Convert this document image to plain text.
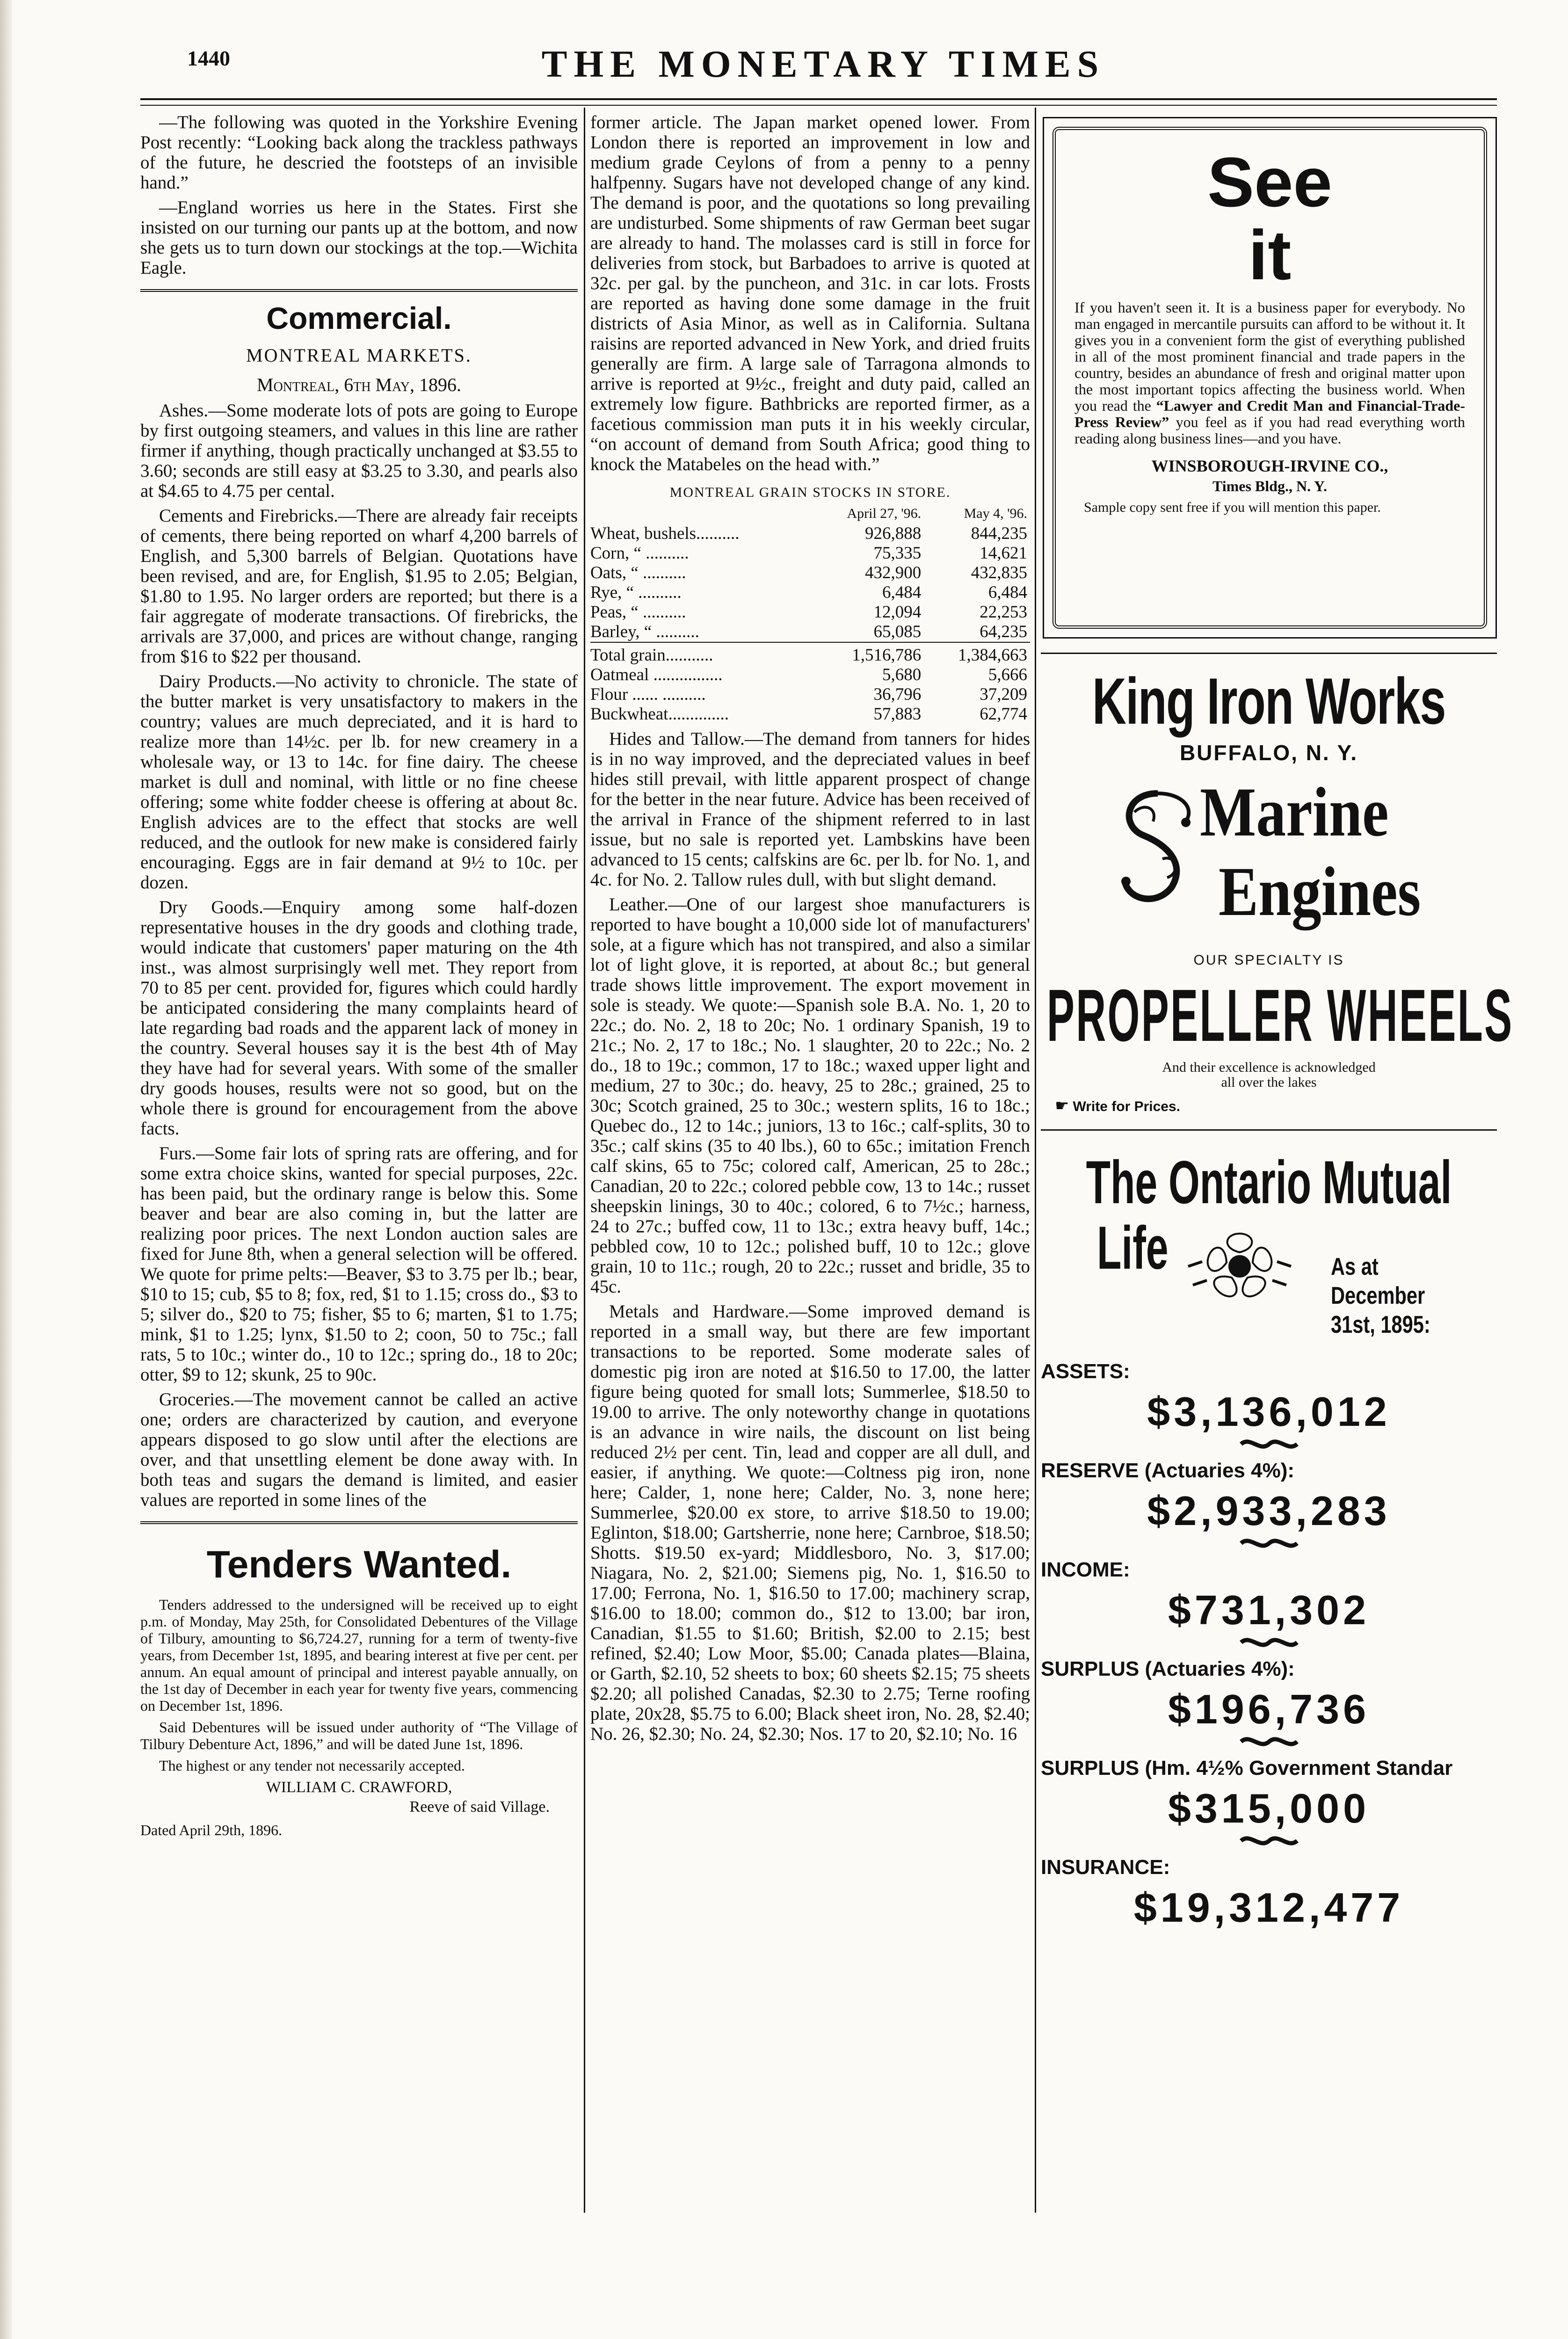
1440	THE MONETARY TIMES

—The following was quoted in the Yorkshire Evening Post recently: “Looking back along the trackless pathways of the future, he descried the footsteps of an invisible hand.”

—England worries us here in the States. First she insisted on our turning our pants up at the bottom, and now she gets us to turn down our stockings at the top.—Wichita Eagle.

Commercial.
MONTREAL MARKETS.
Montreal, 6th May, 1896.

Ashes.—Some moderate lots of pots are going to Europe by first outgoing steamers, and values in this line are rather firmer if anything, though practically unchanged at $3.55 to 3.60; seconds are still easy at $3.25 to 3.30, and pearls also at $4.65 to 4.75 per cental.

Cements and Firebricks.—There are already fair receipts of cements, there being reported on wharf 4,200 barrels of English, and 5,300 barrels of Belgian. Quotations have been revised, and are, for English, $1.95 to 2.05; Belgian, $1.80 to 1.95. No larger orders are reported; but there is a fair aggregate of moderate transactions. Of firebricks, the arrivals are 37,000, and prices are without change, ranging from $16 to $22 per thousand.

Dairy Products.—No activity to chronicle. The state of the butter market is very unsatisfactory to makers in the country; values are much depreciated, and it is hard to realize more than 14½c. per lb. for new creamery in a wholesale way, or 13 to 14c. for fine dairy. The cheese market is dull and nominal, with little or no fine cheese offering; some white fodder cheese is offering at about 8c. English advices are to the effect that stocks are well reduced, and the outlook for new make is considered fairly encouraging. Eggs are in fair demand at 9½ to 10c. per dozen.

Dry Goods.—Enquiry among some half-dozen representative houses in the dry goods and clothing trade, would indicate that customers' paper maturing on the 4th inst., was almost surprisingly well met. They report from 70 to 85 per cent. provided for, figures which could hardly be anticipated considering the many complaints heard of late regarding bad roads and the apparent lack of money in the country. Several houses say it is the best 4th of May they have had for several years. With some of the smaller dry goods houses, results were not so good, but on the whole there is ground for encouragement from the above facts.

Furs.—Some fair lots of spring rats are offering, and for some extra choice skins, wanted for special purposes, 22c. has been paid, but the ordinary range is below this. Some beaver and bear are also coming in, but the latter are realizing poor prices. The next London auction sales are fixed for June 8th, when a general selection will be offered. We quote for prime pelts:—Beaver, $3 to 3.75 per lb.; bear, $10 to 15; cub, $5 to 8; fox, red, $1 to 1.15; cross do., $3 to 5; silver do., $20 to 75; fisher, $5 to 6; marten, $1 to 1.75; mink, $1 to 1.25; lynx, $1.50 to 2; coon, 50 to 75c.; fall rats, 5 to 10c.; winter do., 10 to 12c.; spring do., 18 to 20c; otter, $9 to 12; skunk, 25 to 90c.

Groceries.—The movement cannot be called an active one; orders are characterized by caution, and everyone appears disposed to go slow until after the elections are over, and that unsettling element be done away with. In both teas and sugars the demand is limited, and easier values are reported in some lines of the

Tenders Wanted.

Tenders addressed to the undersigned will be received up to eight p.m. of Monday, May 25th, for Consolidated Debentures of the Village of Tilbury, amounting to $6,724.27, running for a term of twenty-five years, from December 1st, 1895, and bearing interest at five per cent. per annum. An equal amount of principal and interest payable annually, on the 1st day of December in each year for twenty five years, commencing on December 1st, 1896.

Said Debentures will be issued under authority of “The Village of Tilbury Debenture Act, 1896,” and will be dated June 1st, 1896.

The highest or any tender not necessarily accepted.

WILLIAM C. CRAWFORD,
Reeve of said Village.
Dated April 29th, 1896.

former article. The Japan market opened lower. From London there is reported an improvement in low and medium grade Ceylons of from a penny to a penny halfpenny. Sugars have not developed change of any kind. The demand is poor, and the quotations so long prevailing are undisturbed. Some shipments of raw German beet sugar are already to hand. The molasses card is still in force for deliveries from stock, but Barbadoes to arrive is quoted at 32c. per gal. by the puncheon, and 31c. in car lots. Frosts are reported as having done some damage in the fruit districts of Asia Minor, as well as in California. Sultana raisins are reported advanced in New York, and dried fruits generally are firm. A large sale of Tarragona almonds to arrive is reported at 9½c., freight and duty paid, called an extremely low figure. Bathbricks are reported firmer, as a facetious commission man puts it in his weekly circular, “on account of demand from South Africa; good thing to knock the Matabeles on the head with.”

MONTREAL GRAIN STOCKS IN STORE.
	April 27, '96.	May 4, '96.
Wheat, bushels..........	926,888	844,235
Corn, “ ..........	75,335	14,621
Oats, “ ..........	432,900	432,835
Rye, “ ..........	6,484	6,484
Peas, “ ..........	12,094	22,253
Barley, “ ..........	65,085	64,235

Total grain...........	1,516,786	1,384,663
Oatmeal ................	5,680	5,666
Flour ...... ..........	36,796	37,209
Buckwheat..............	57,883	62,774

Hides and Tallow.—The demand from tanners for hides is in no way improved, and the depreciated values in beef hides still prevail, with little apparent prospect of change for the better in the near future. Advice has been received of the arrival in France of the shipment referred to in last issue, but no sale is reported yet. Lambskins have been advanced to 15 cents; calfskins are 6c. per lb. for No. 1, and 4c. for No. 2. Tallow rules dull, with but slight demand.

Leather.—One of our largest shoe manufacturers is reported to have bought a 10,000 side lot of manufacturers' sole, at a figure which has not transpired, and also a similar lot of light glove, it is reported, at about 8c.; but general trade shows little improvement. The export movement in sole is steady. We quote:—Spanish sole B.A. No. 1, 20 to 22c.; do. No. 2, 18 to 20c; No. 1 ordinary Spanish, 19 to 21c.; No. 2, 17 to 18c.; No. 1 slaughter, 20 to 22c.; No. 2 do., 18 to 19c.; common, 17 to 18c.; waxed upper light and medium, 27 to 30c.; do. heavy, 25 to 28c.; grained, 25 to 30c; Scotch grained, 25 to 30c.; western splits, 16 to 18c.; Quebec do., 12 to 14c.; juniors, 13 to 16c.; calf-splits, 30 to 35c.; calf skins (35 to 40 lbs.), 60 to 65c.; imitation French calf skins, 65 to 75c; colored calf, American, 25 to 28c.; Canadian, 20 to 22c.; colored pebble cow, 13 to 14c.; russet sheepskin linings, 30 to 40c.; colored, 6 to 7½c.; harness, 24 to 27c.; buffed cow, 11 to 13c.; extra heavy buff, 14c.; pebbled cow, 10 to 12c.; polished buff, 10 to 12c.; glove grain, 10 to 11c.; rough, 20 to 22c.; russet and bridle, 35 to 45c.

Metals and Hardware.—Some improved demand is reported in a small way, but there are few important transactions to be reported. Some moderate sales of domestic pig iron are noted at $16.50 to 17.00, the latter figure being quoted for small lots; Summerlee, $18.50 to 19.00 to arrive. The only noteworthy change in quotations is an advance in wire nails, the discount on list being reduced 2½ per cent. Tin, lead and copper are all dull, and easier, if anything. We quote:—Coltness pig iron, none here; Calder, 1, none here; Calder, No. 3, none here; Summerlee, $20.00 ex store, to arrive $18.50 to 19.00; Eglinton, $18.00; Gartsherrie, none here; Carnbroe, $18.50; Shotts. $19.50 ex-yard; Middlesboro, No. 3, $17.00; Niagara, No. 2, $21.00; Siemens pig, No. 1, $16.50 to 17.00; Ferrona, No. 1, $16.50 to 17.00; machinery scrap, $16.00 to 18.00; common do., $12 to 13.00; bar iron, Canadian, $1.55 to $1.60; British, $2.00 to 2.15; best refined, $2.40; Low Moor, $5.00; Canada plates—Blaina, or Garth, $2.10, 52 sheets to box; 60 sheets $2.15; 75 sheets $2.20; all polished Canadas, $2.30 to 2.75; Terne roofing plate, 20x28, $5.75 to 6.00; Black sheet iron, No. 28, $2.40; No. 26, $2.30; No. 24, $2.30; Nos. 17 to 20, $2.10; No. 16

See
it

If you haven't seen it. It is a business paper for everybody. No man engaged in mercantile pursuits can afford to be without it. It gives you in a convenient form the gist of everything published in all of the most prominent financial and trade papers in the country, besides an abundance of fresh and original matter upon the most important topics affecting the business world. When you read the “Lawyer and Credit Man and Financial-Trade-Press Review” you feel as if you had read everything worth reading along business lines—and you have.

WINSBOROUGH-IRVINE CO.,
Times Bldg., N. Y.

Sample copy sent free if you will mention this paper.

King Iron Works
BUFFALO, N. Y.
Marine
Engines
OUR SPECIALTY IS
PROPELLER WHEELS
And their excellence is acknowledged
all over the lakes
☛ Write for Prices.
The Ontario Mutual
Life	As at
December
31st, 1895:
ASSETS:
$3,136,012
RESERVE (Actuaries 4%):
$2,933,283
INCOME:
$731,302
SURPLUS (Actuaries 4%):
$196,736
SURPLUS (Hm. 4½% Government Standar
$315,000
INSURANCE:
$19,312,477
